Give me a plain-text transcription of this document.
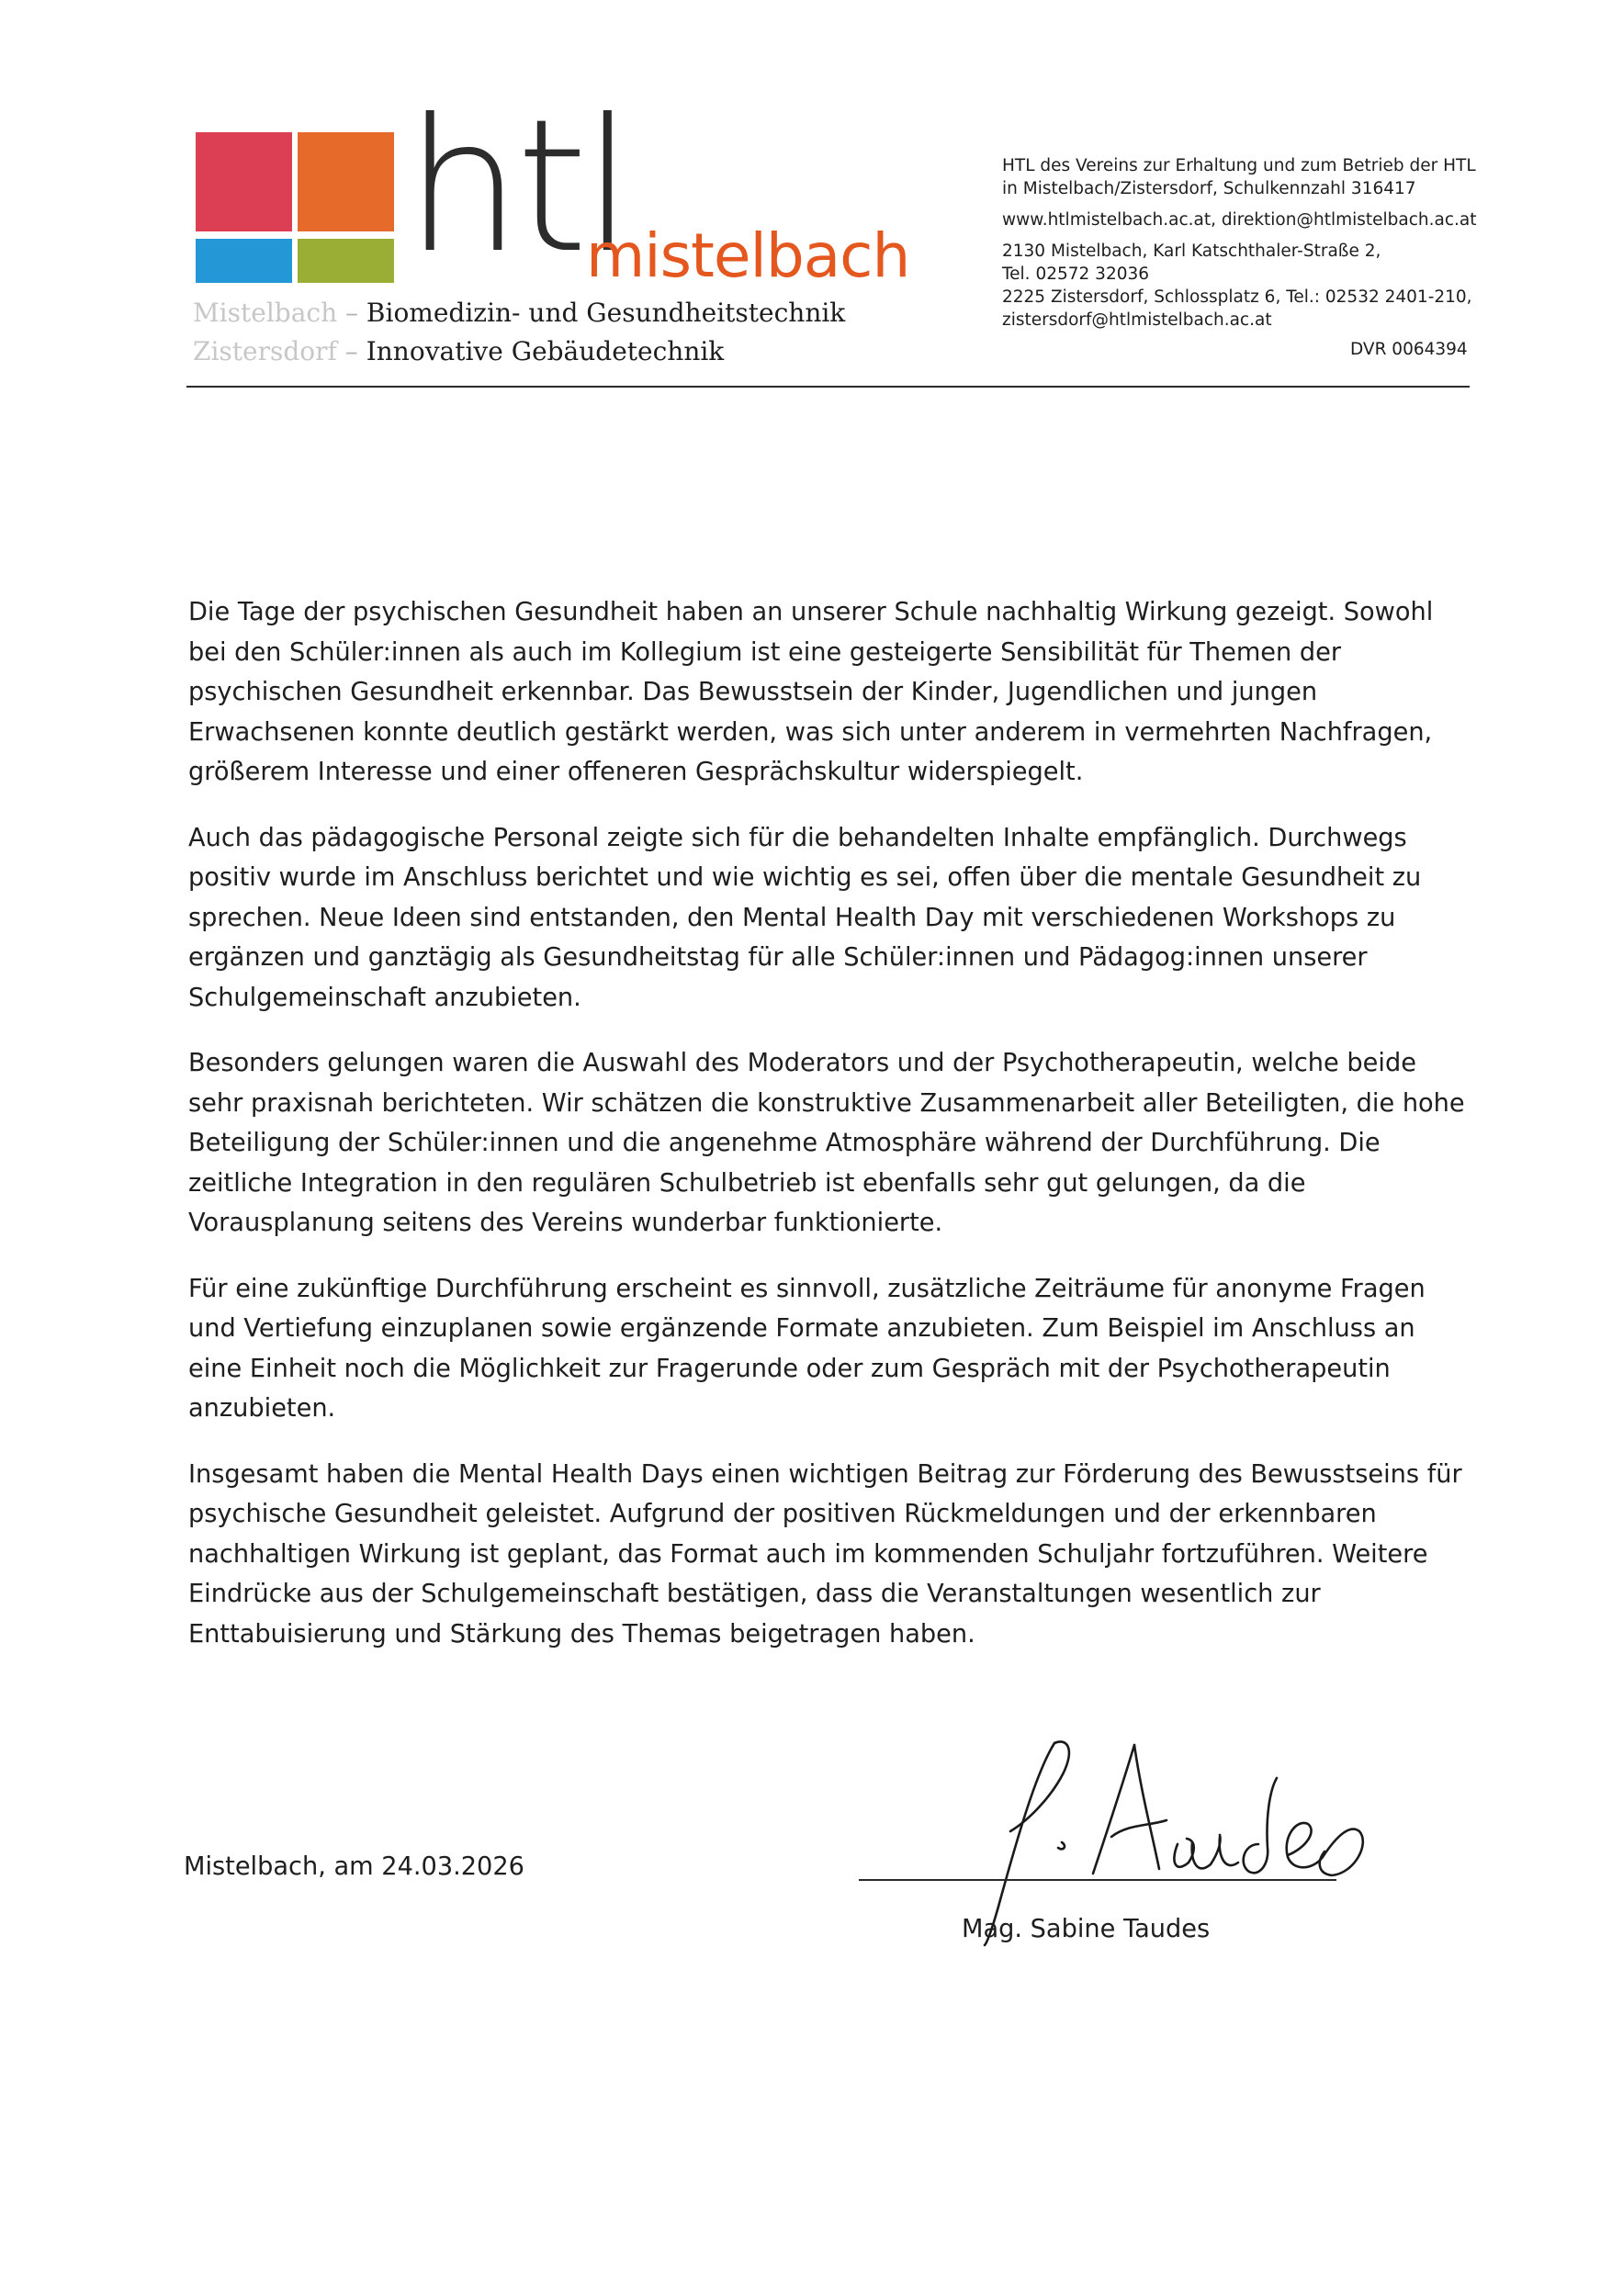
htl
mistelbach
Mistelbach – Biomedizin- und Gesundheitstechnik
Zistersdorf – Innovative Gebäudetechnik
HTL des Vereins zur Erhaltung und zum Betrieb der HTL
in Mistelbach/Zistersdorf, Schulkennzahl 316417
www.htlmistelbach.ac.at, direktion@htlmistelbach.ac.at
2130 Mistelbach, Karl Katschthaler-Straße 2,
Tel. 02572 32036
2225 Zistersdorf, Schlossplatz 6, Tel.: 02532 2401-210,
zistersdorf@htlmistelbach.ac.at
DVR 0064394

Die Tage der psychischen Gesundheit haben an unserer Schule nachhaltig Wirkung gezeigt. Sowohl
bei den Schüler:innen als auch im Kollegium ist eine gesteigerte Sensibilität für Themen der
psychischen Gesundheit erkennbar. Das Bewusstsein der Kinder, Jugendlichen und jungen
Erwachsenen konnte deutlich gestärkt werden, was sich unter anderem in vermehrten Nachfragen,
größerem Interesse und einer offeneren Gesprächskultur widerspiegelt.

Auch das pädagogische Personal zeigte sich für die behandelten Inhalte empfänglich. Durchwegs
positiv wurde im Anschluss berichtet und wie wichtig es sei, offen über die mentale Gesundheit zu
sprechen. Neue Ideen sind entstanden, den Mental Health Day mit verschiedenen Workshops zu
ergänzen und ganztägig als Gesundheitstag für alle Schüler:innen und Pädagog:innen unserer
Schulgemeinschaft anzubieten.

Besonders gelungen waren die Auswahl des Moderators und der Psychotherapeutin, welche beide
sehr praxisnah berichteten. Wir schätzen die konstruktive Zusammenarbeit aller Beteiligten, die hohe
Beteiligung der Schüler:innen und die angenehme Atmosphäre während der Durchführung. Die
zeitliche Integration in den regulären Schulbetrieb ist ebenfalls sehr gut gelungen, da die
Vorausplanung seitens des Vereins wunderbar funktionierte.

Für eine zukünftige Durchführung erscheint es sinnvoll, zusätzliche Zeiträume für anonyme Fragen
und Vertiefung einzuplanen sowie ergänzende Formate anzubieten. Zum Beispiel im Anschluss an
eine Einheit noch die Möglichkeit zur Fragerunde oder zum Gespräch mit der Psychotherapeutin
anzubieten.

Insgesamt haben die Mental Health Days einen wichtigen Beitrag zur Förderung des Bewusstseins für
psychische Gesundheit geleistet. Aufgrund der positiven Rückmeldungen und der erkennbaren
nachhaltigen Wirkung ist geplant, das Format auch im kommenden Schuljahr fortzuführen. Weitere
Eindrücke aus der Schulgemeinschaft bestätigen, dass die Veranstaltungen wesentlich zur
Enttabuisierung und Stärkung des Themas beigetragen haben.

Mistelbach, am 24.03.2026
Mag. Sabine Taudes
